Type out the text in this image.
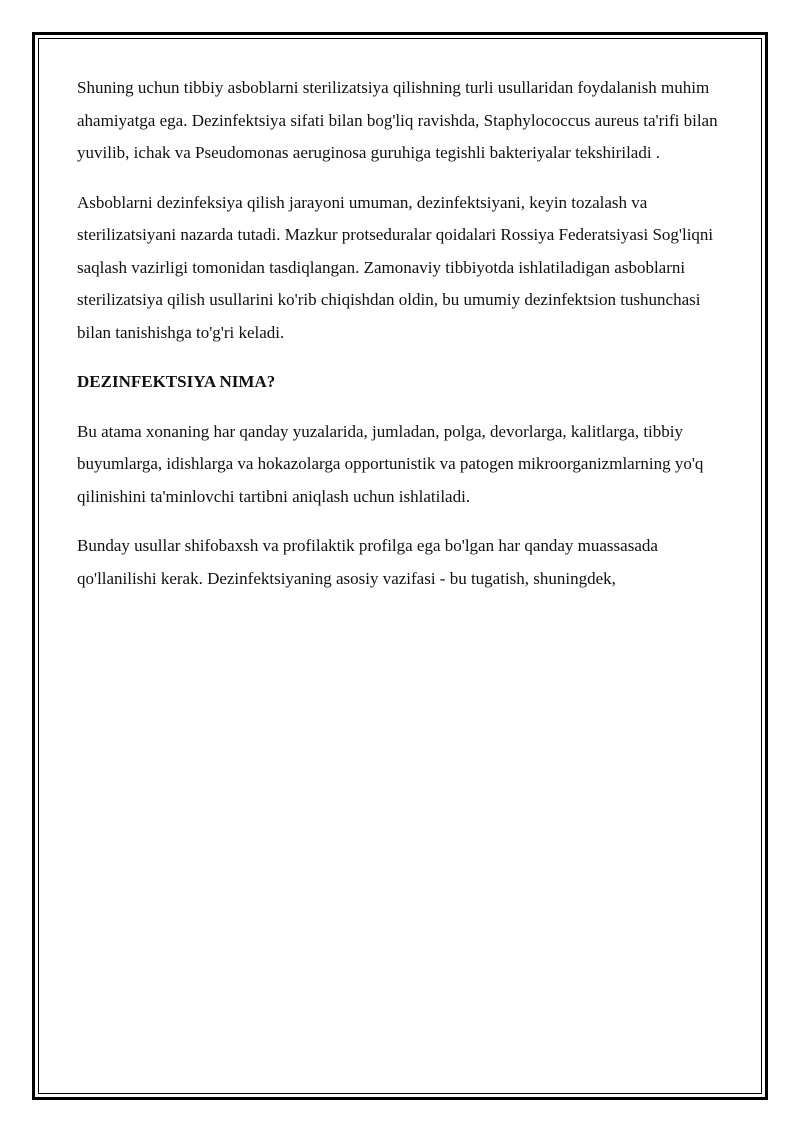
Shuning uchun tibbiy asboblarni sterilizatsiya qilishning turli usullaridan foydalanish muhim ahamiyatga ega. Dezinfektsiya sifati bilan bog'liq ravishda, Staphylococcus aureus ta'rifi bilan yuvilib, ichak va Pseudomonas aeruginosa guruhiga tegishli bakteriyalar tekshiriladi .

Asboblarni dezinfeksiya qilish jarayoni umuman, dezinfektsiyani, keyin tozalash va sterilizatsiyani nazarda tutadi. Mazkur protseduralar qoidalari Rossiya Federatsiyasi Sog'liqni saqlash vazirligi tomonidan tasdiqlangan. Zamonaviy tibbiyotda ishlatiladigan asboblarni sterilizatsiya qilish usullarini ko'rib chiqishdan oldin, bu umumiy dezinfektsion tushunchasi bilan tanishishga to'g'ri keladi.

DEZINFEKTSIYA NIMA?

Bu atama xonaning har qanday yuzalarida, jumladan, polga, devorlarga, kalitlarga, tibbiy buyumlarga, idishlarga va hokazolarga opportunistik va patogen mikroorganizmlarning yo'q qilinishini ta'minlovchi tartibni aniqlash uchun ishlatiladi.

Bunday usullar shifobaxsh va profilaktik profilga ega bo'lgan har qanday muassasada qo'llanilishi kerak. Dezinfektsiyaning asosiy vazifasi - bu tugatish, shuningdek,
